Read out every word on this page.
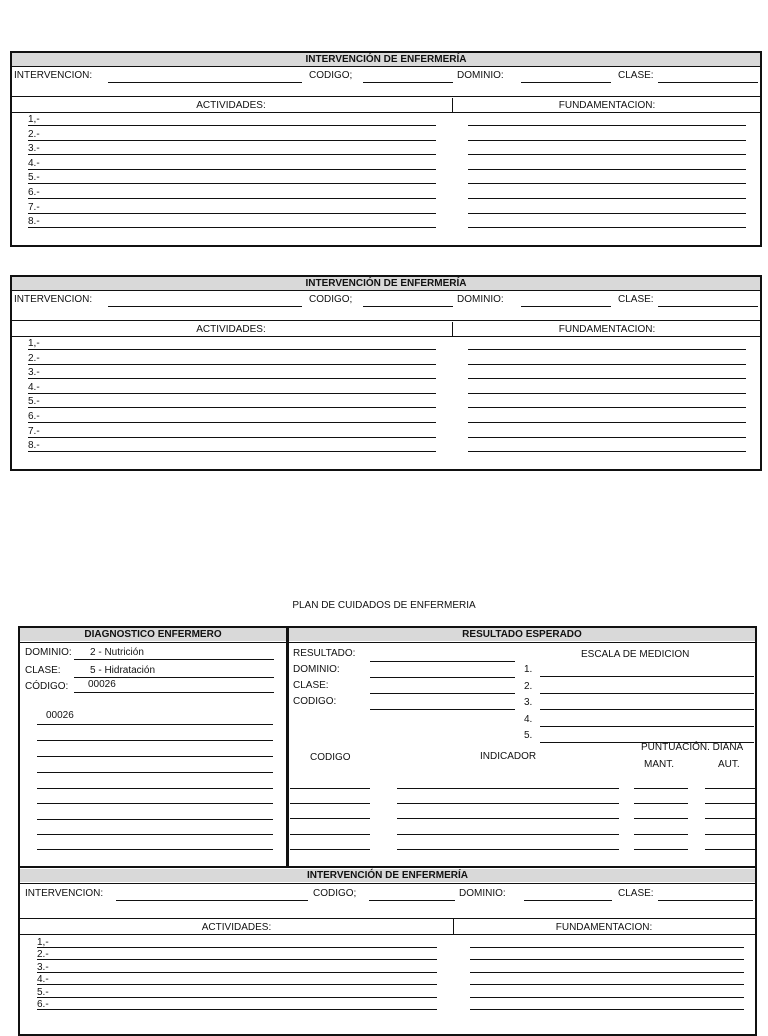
INTERVENCIÓN DE ENFERMERÍA
INTERVENCION:	CODIGO;	DOMINIO:	CLASE:
ACTIVIDADES:	FUNDAMENTACION:
1,-
2.-
3.-
4.-
5.-
6.-
7.-
8.-
INTERVENCIÓN DE ENFERMERÍA
INTERVENCION:	CODIGO;	DOMINIO:	CLASE:
ACTIVIDADES:	FUNDAMENTACION:
1,-
2.-
3.-
4.-
5.-
6.-
7.-
8.-
PLAN DE CUIDADOS DE ENFERMERIA
DIAGNOSTICO ENFERMERO	RESULTADO ESPERADO
DOMINIO: 2 - Nutrición
CLASE:	5 - Hidratación
CÓDIGO: 00026
00026
RESULTADO:
DOMINIO:
CLASE:
CODIGO:
ESCALA DE MEDICION
1.
2.
3.
4.
5.
CODIGO	INDICADOR
PUNTUACIÓN. DIANA
MANT.	AUT.
INTERVENCIÓN DE ENFERMERÍA
INTERVENCION:	CODIGO;	DOMINIO:	CLASE:
ACTIVIDADES:	FUNDAMENTACION:
1,-
2.-
3.-
4.-
5.-
6.-
